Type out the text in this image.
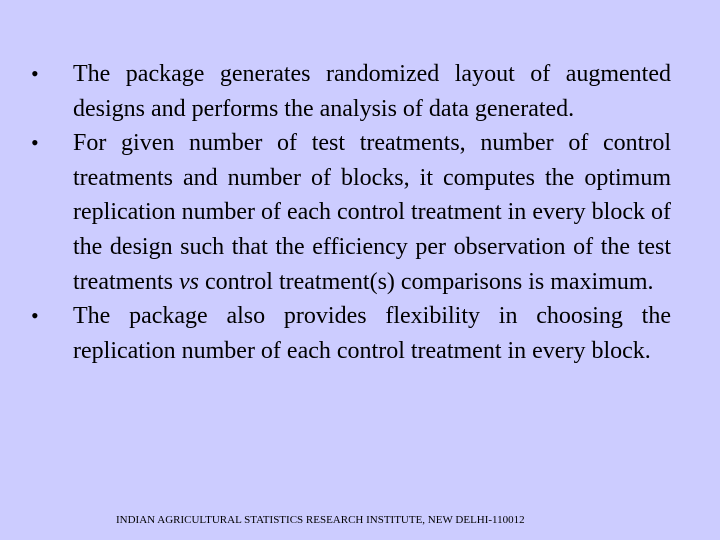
•	The package generates randomized layout of augmented designs and performs the analysis of data generated.
•	For given number of test treatments, number of control treatments and number of blocks, it computes the optimum replication number of each control treatment in every block of the design such that the efficiency per observation of the test treatments vs control treatment(s) comparisons is maximum.
•	The package also provides flexibility in choosing the replication number of each control treatment in every block.
INDIAN AGRICULTURAL STATISTICS RESEARCH INSTITUTE, NEW DELHI-110012
